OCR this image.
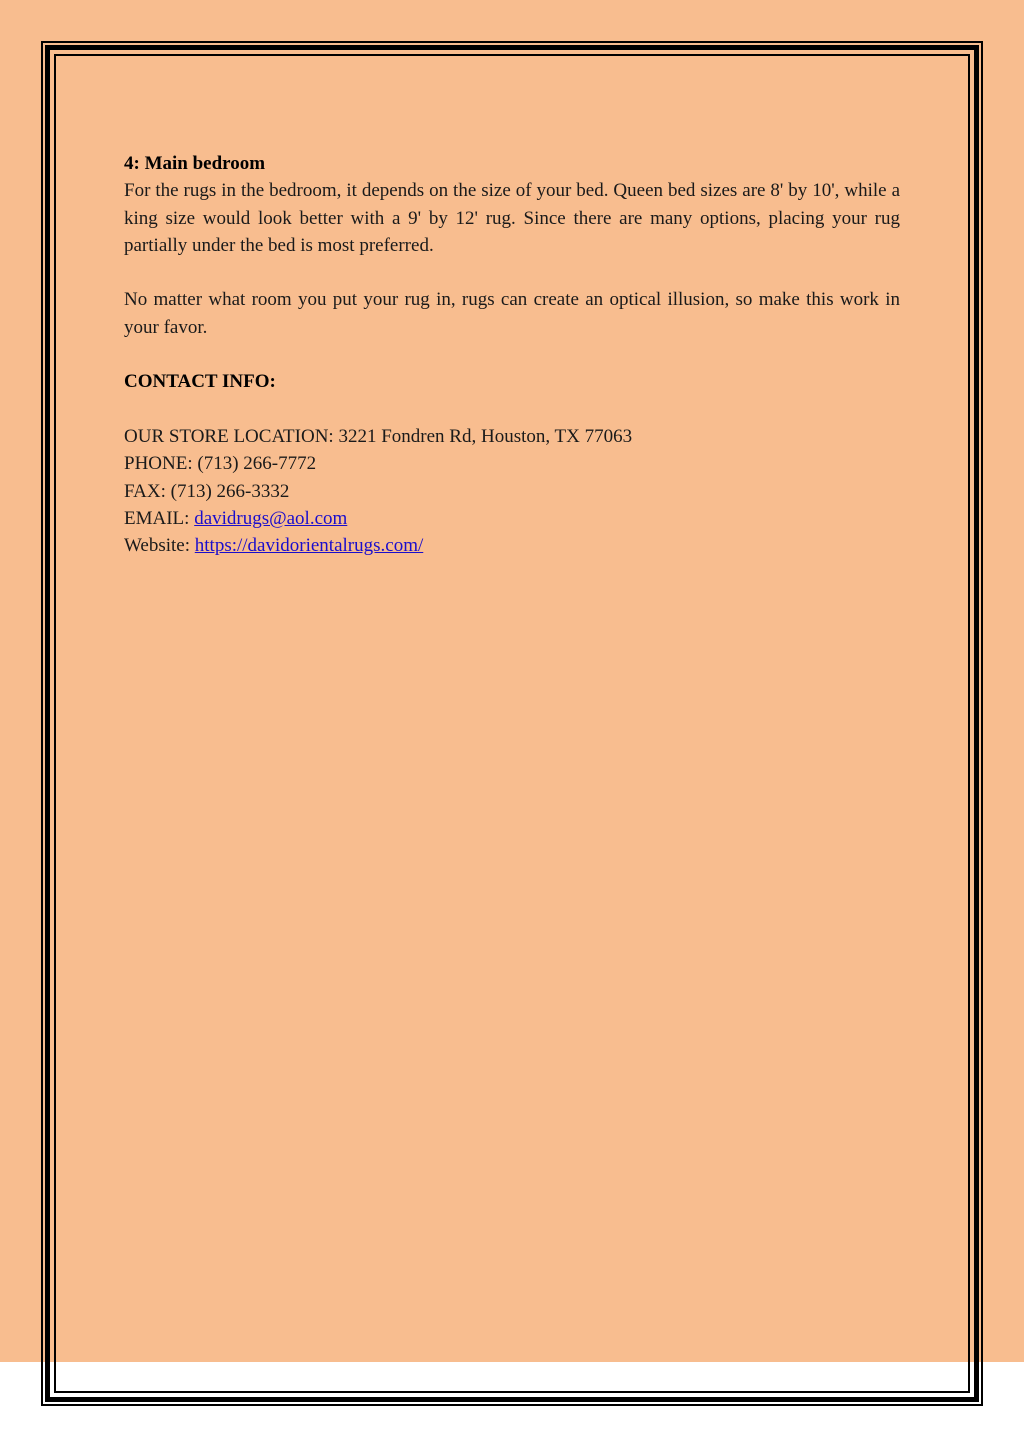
4: Main bedroom

For the rugs in the bedroom, it depends on the size of your bed. Queen bed sizes are 8' by 10', while a king size would look better with a 9' by 12' rug. Since there are many options, placing your rug partially under the bed is most preferred.

No matter what room you put your rug in, rugs can create an optical illusion, so make this work in your favor.

CONTACT INFO:

OUR STORE LOCATION: 3221 Fondren Rd, Houston, TX 77063

PHONE: (713) 266-7772

FAX: (713) 266-3332

EMAIL: davidrugs@aol.com

Website: https://davidorientalrugs.com/
